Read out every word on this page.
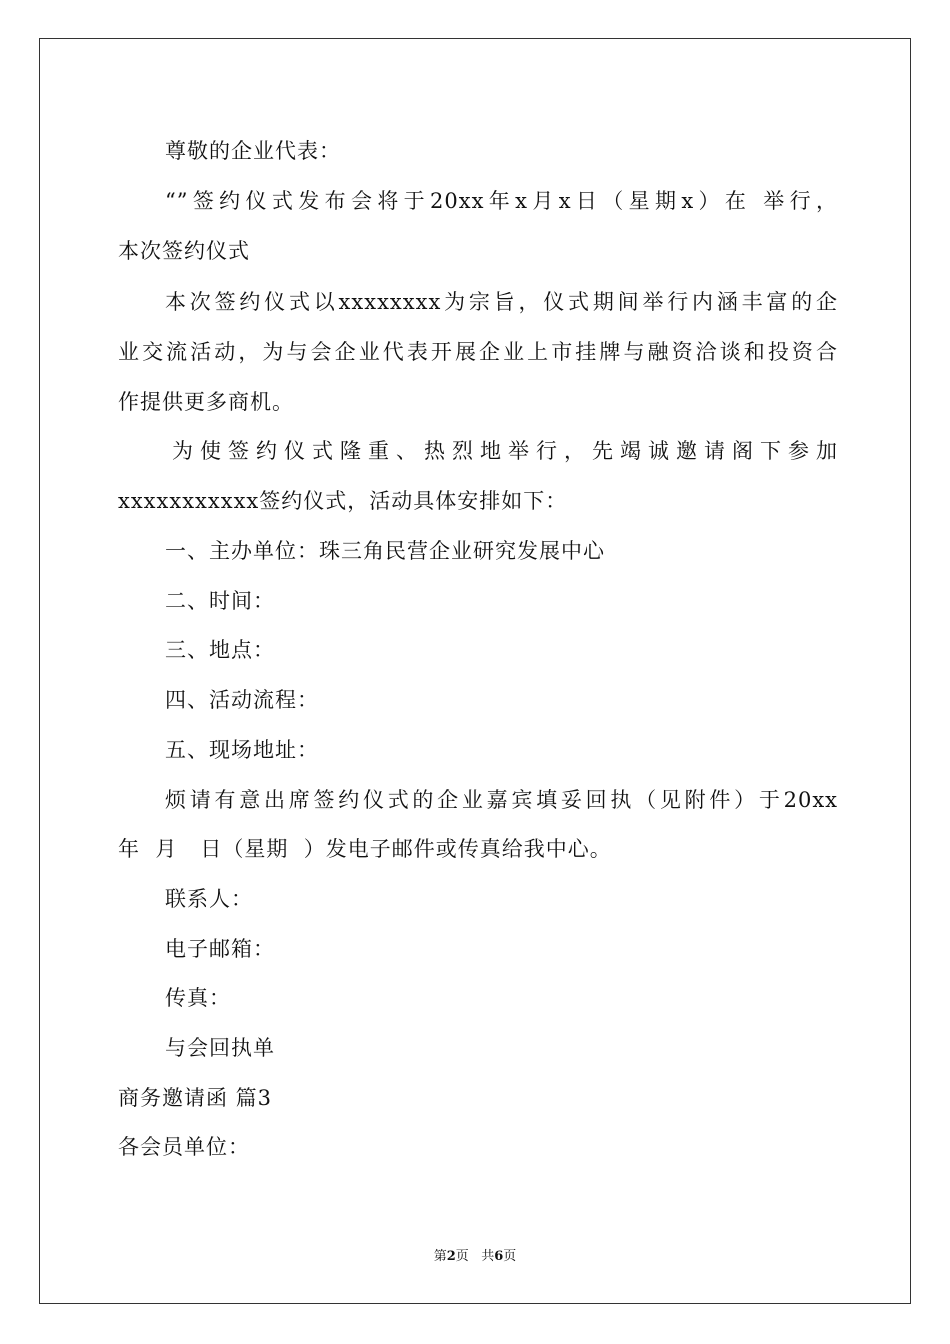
尊敬的企业代表：
“”签约仪式发布会将于20xx年x月x日（星期x）在 举行，
本次签约仪式
本次签约仪式以xxxxxxxx为宗旨，仪式期间举行内涵丰富的企
业交流活动，为与会企业代表开展企业上市挂牌与融资洽谈和投资合
作提供更多商机。
为使签约仪式隆重、热烈地举行，先竭诚邀请阁下参加
xxxxxxxxxxx签约仪式，活动具体安排如下：
一、主办单位：珠三角民营企业研究发展中心
二、时间：
三、地点：
四、活动流程：
五、现场地址：
烦请有意出席签约仪式的企业嘉宾填妥回执（见附件）于20xx
年  月   日（星期  ）发电子邮件或传真给我中心。
联系人：
电子邮箱：
传真：
与会回执单
商务邀请函 篇3
各会员单位：
第2页   共6页
